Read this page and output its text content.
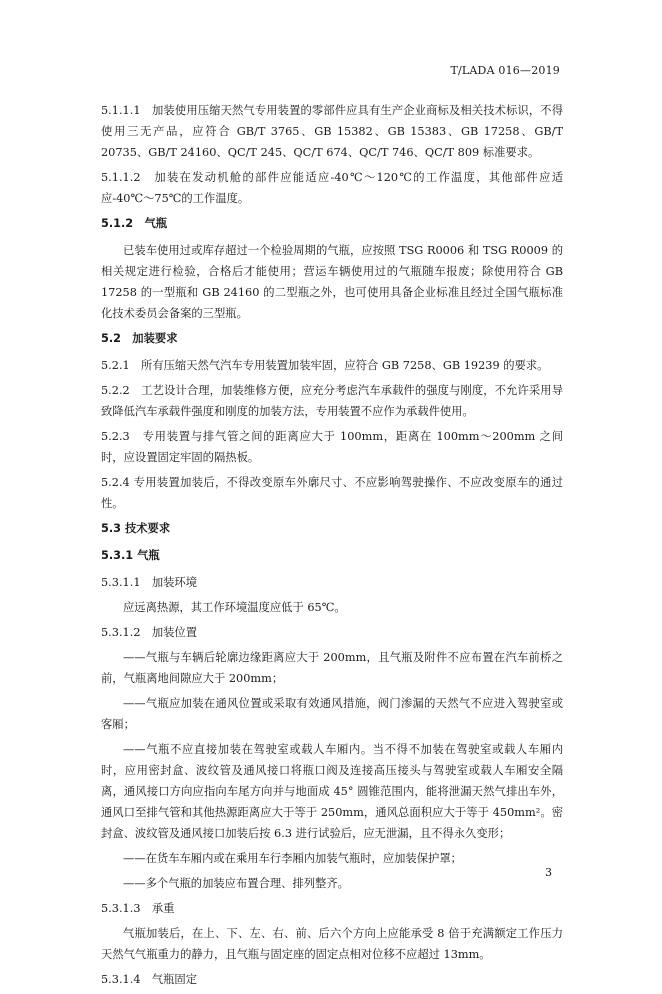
T/LADA 016—2019
5.1.1.1　加装使用压缩天然气专用装置的零部件应具有生产企业商标及相关技术标识，不得使用三无产品，应符合 GB/T 3765、GB 15382、GB 15383、GB 17258、GB/T 20735、GB/T 24160、QC/T 245、QC/T 674、QC/T 746、QC/T 809 标准要求。
5.1.1.2　加装在发动机舱的部件应能适应-40℃～120℃的工作温度，其他部件应适应-40℃～75℃的工作温度。
5.1.2　气瓶
已装车使用过或库存超过一个检验周期的气瓶，应按照 TSG R0006 和 TSG R0009 的相关规定进行检验，合格后才能使用；营运车辆使用过的气瓶随车报废；除使用符合 GB 17258 的一型瓶和 GB 24160 的二型瓶之外，也可使用具备企业标准且经过全国气瓶标准化技术委员会备案的三型瓶。
5.2　加装要求
5.2.1　所有压缩天然气汽车专用装置加装牢固，应符合 GB 7258、GB 19239 的要求。
5.2.2　工艺设计合理，加装维修方便，应充分考虑汽车承载件的强度与刚度，不允许采用导致降低汽车承载件强度和刚度的加装方法，专用装置不应作为承载件使用。
5.2.3　专用装置与排气管之间的距离应大于 100mm，距离在 100mm～200mm 之间时，应设置固定牢固的隔热板。
5.2.4 专用装置加装后，不得改变原车外廓尺寸、不应影响驾驶操作、不应改变原车的通过性。
5.3 技术要求
5.3.1 气瓶
5.3.1.1　加装环境
应远离热源，其工作环境温度应低于 65℃。
5.3.1.2　加装位置
——气瓶与车辆后轮廓边缘距离应大于 200mm，且气瓶及附件不应布置在汽车前桥之前，气瓶离地间隙应大于 200mm；
——气瓶应加装在通风位置或采取有效通风措施，阀门渗漏的天然气不应进入驾驶室或客厢；
——气瓶不应直接加装在驾驶室或载人车厢内。当不得不加装在驾驶室或载人车厢内时，应用密封盒、波纹管及通风接口将瓶口阀及连接高压接头与驾驶室或载人车厢安全隔离，通风接口方向应指向车尾方向并与地面成 45° 圆锥范围内，能将泄漏天然气排出车外，通风口至排气管和其他热源距离应大于等于 250mm，通风总面积应大于等于 450mm²。密封盒、波纹管及通风接口加装后按 6.3 进行试验后，应无泄漏，且不得永久变形；
——在货车车厢内或在乘用车行李厢内加装气瓶时，应加装保护罩；
——多个气瓶的加装应布置合理、排列整齐。
5.3.1.3　承重
气瓶加装后，在上、下、左、右、前、后六个方向上应能承受 8 倍于充满额定工作压力天然气气瓶重力的静力，且气瓶与固定座的固定点相对位移不应超过 13mm。
5.3.1.4　气瓶固定
3
